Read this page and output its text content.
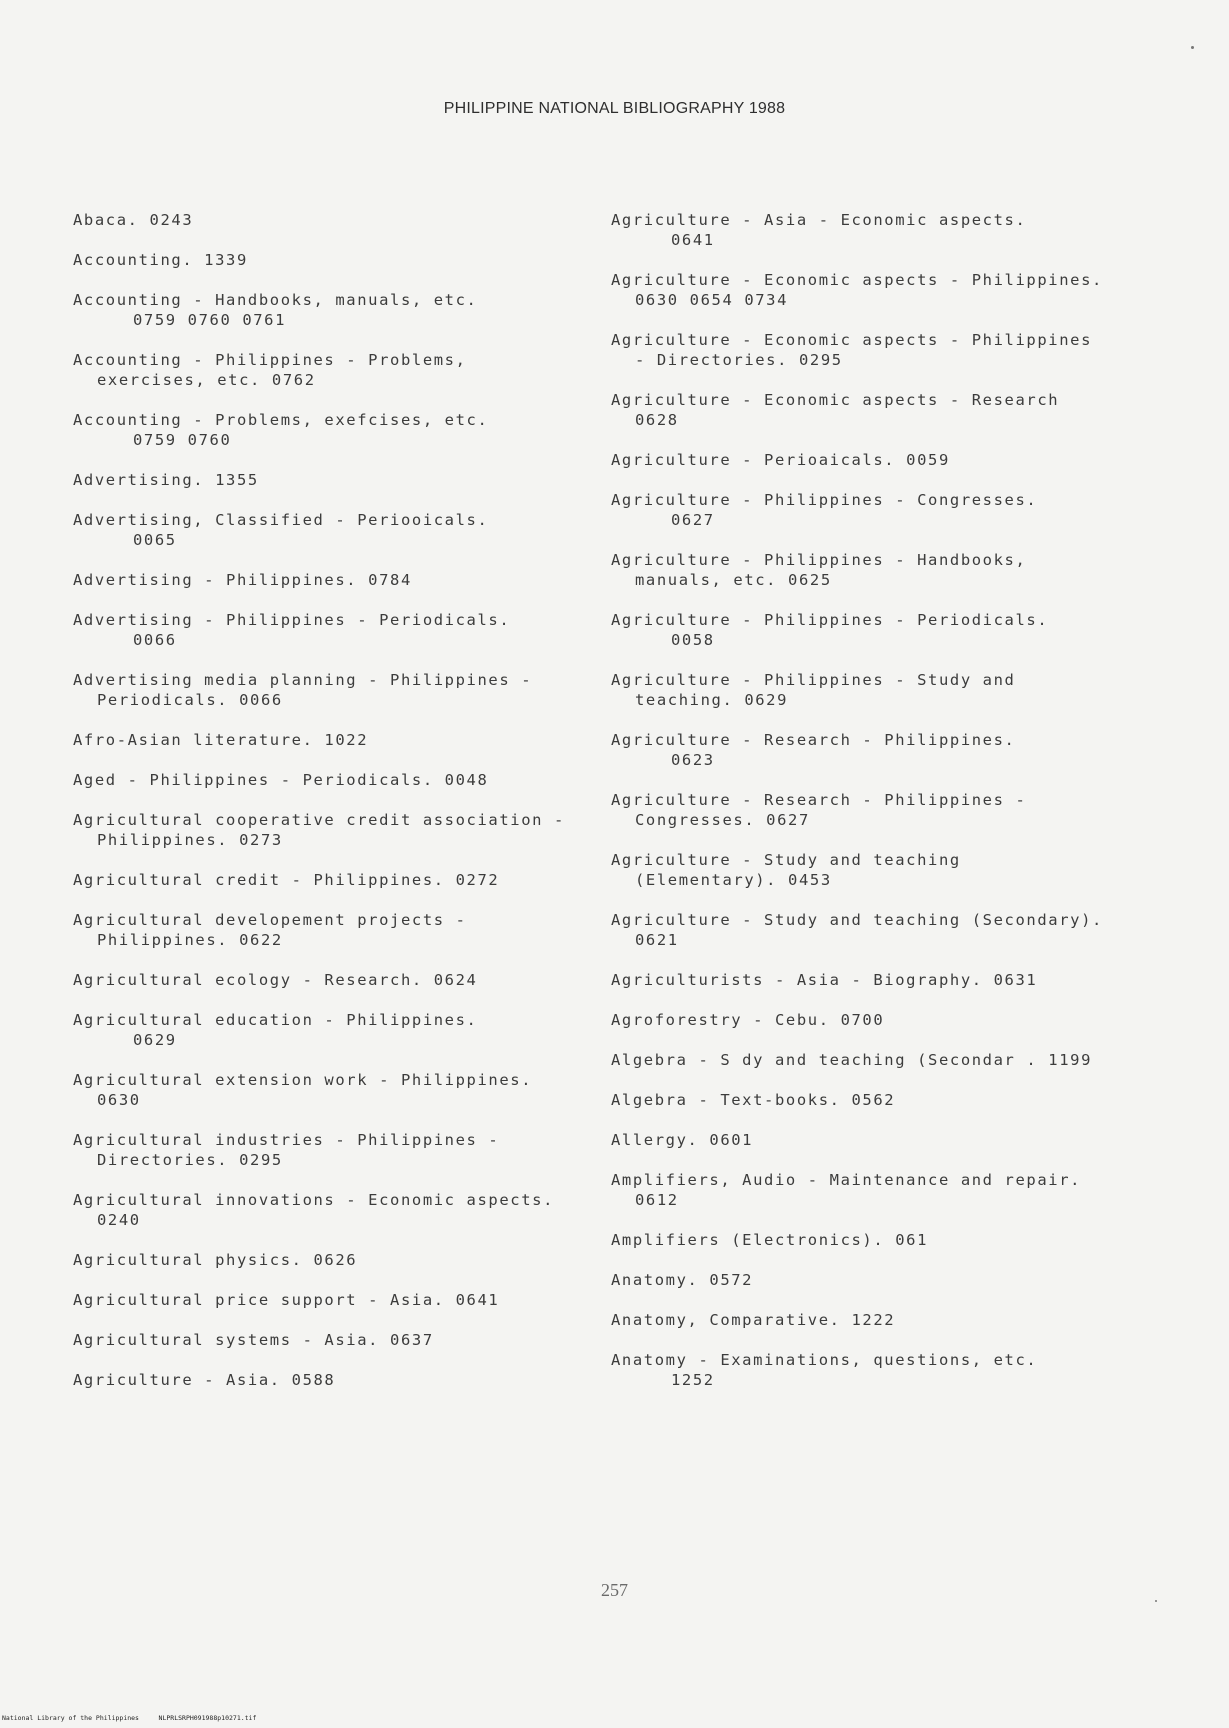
PHILIPPINE NATIONAL BIBLIOGRAPHY 1988
Abaca. 0243
Accounting. 1339
Accounting - Handbooks, manuals, etc.
0759 0760 0761
Accounting - Philippines - Problems, exercises, etc. 0762
Accounting - Problems, exefcises, etc.
0759 0760
Advertising. 1355
Advertising, Classified - Periooicals.
0065
Advertising - Philippines. 0784
Advertising - Philippines - Periodicals.
0066
Advertising media planning - Philippines - Periodicals. 0066
Afro-Asian literature. 1022
Aged - Philippines - Periodicals. 0048
Agricultural cooperative credit association - Philippines. 0273
Agricultural credit - Philippines. 0272
Agricultural developement projects - Philippines. 0622
Agricultural ecology - Research. 0624
Agricultural education - Philippines.
0629
Agricultural extension work - Philippines. 0630
Agricultural industries - Philippines - Directories. 0295
Agricultural innovations - Economic aspects. 0240
Agricultural physics. 0626
Agricultural price support - Asia. 0641
Agricultural systems - Asia. 0637
Agriculture - Asia. 0588
Agriculture - Asia - Economic aspects.
0641
Agriculture - Economic aspects - Philippines. 0630 0654 0734
Agriculture - Economic aspects - Philippines - Directories. 0295
Agriculture - Economic aspects - Research 0628
Agriculture - Perioaicals. 0059
Agriculture - Philippines - Congresses.
0627
Agriculture - Philippines - Handbooks, manuals, etc. 0625
Agriculture - Philippines - Periodicals.
0058
Agriculture - Philippines - Study and teaching. 0629
Agriculture - Research - Philippines.
0623
Agriculture - Research - Philippines - Congresses. 0627
Agriculture - Study and teaching (Elementary). 0453
Agriculture - Study and teaching (Secondary). 0621
Agriculturists - Asia - Biography. 0631
Agroforestry - Cebu. 0700
Algebra - S dy and teaching (Secondar . 1199
Algebra - Text-books. 0562
Allergy. 0601
Amplifiers, Audio - Maintenance and repair. 0612
Amplifiers (Electronics). 061
Anatomy. 0572
Anatomy, Comparative. 1222
Anatomy - Examinations, questions, etc.
1252
257
National Library of the Philippines	NLPRLSRPH091988p10271.tif
